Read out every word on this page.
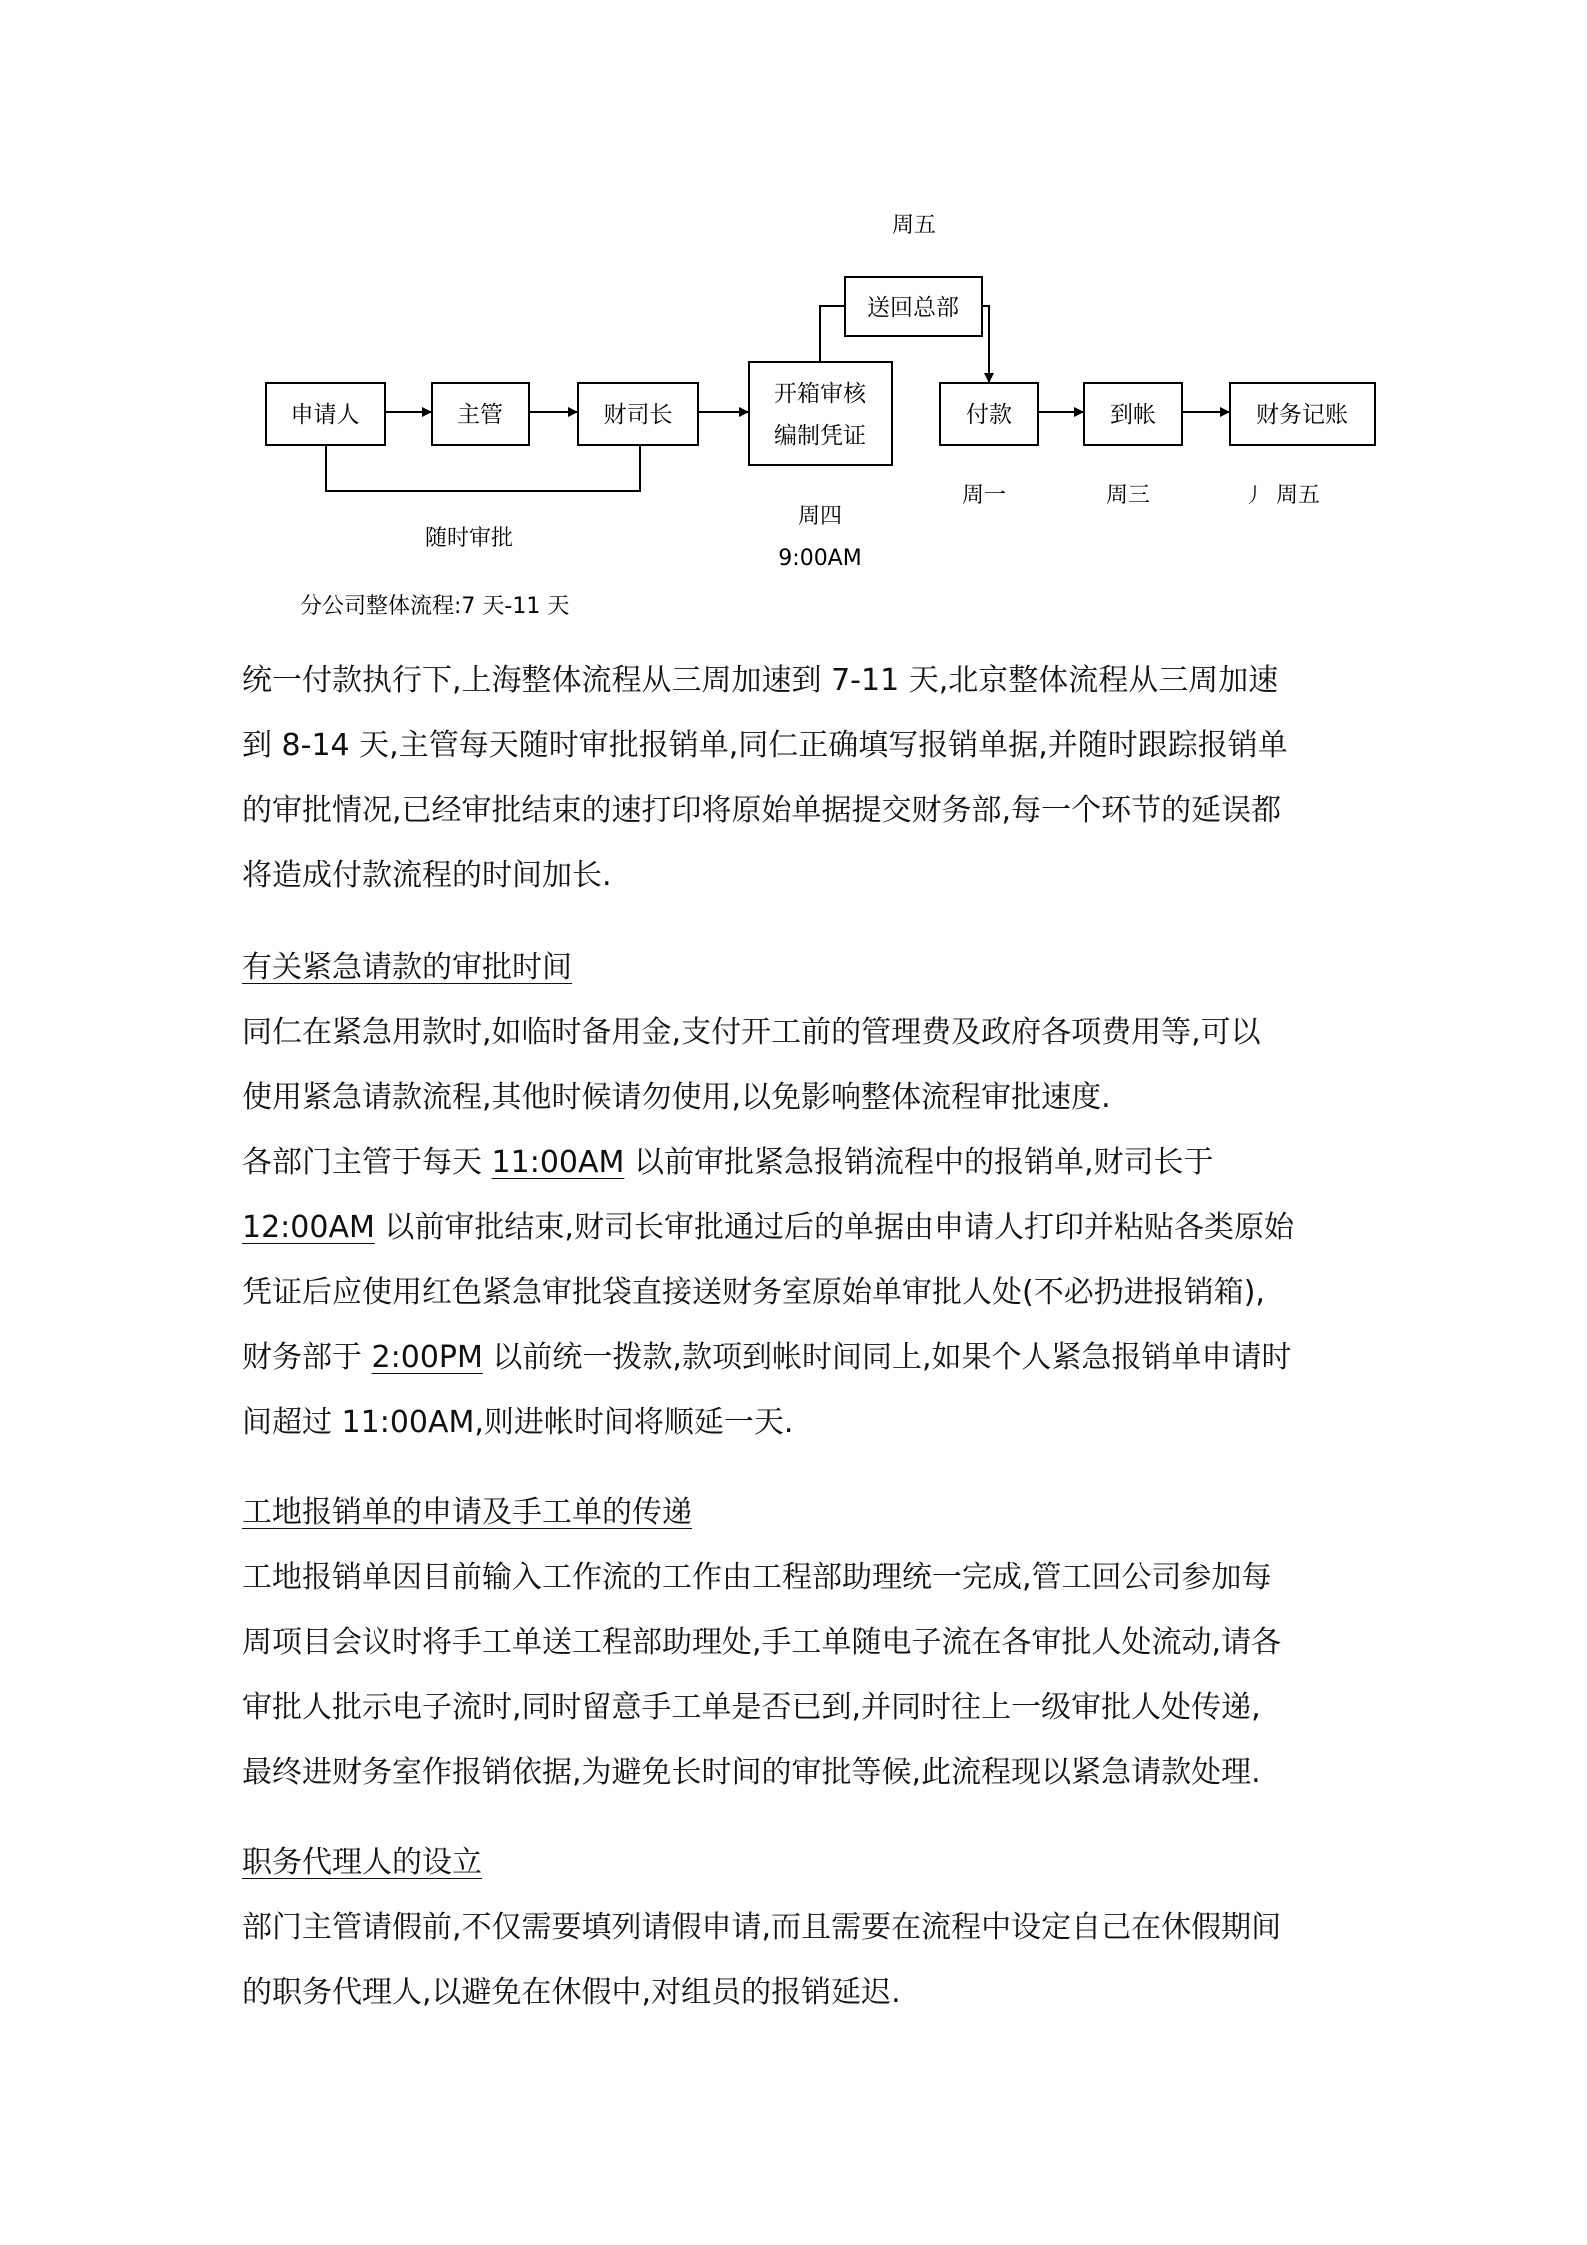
申请人	主管	财司长
开箱审核
编制凭证
送回总部
付款	到帐	财务记账
周五
随时审批
周四
9:00AM
周一	周三	丿 周五
分公司整体流程:7 天-11 天

统一付款执行下,上海整体流程从三周加速到 7-11 天,北京整体流程从三周加速

到 8-14 天,主管每天随时审批报销单,同仁正确填写报销单据,并随时跟踪报销单

的审批情况,已经审批结束的速打印将原始单据提交财务部,每一个环节的延误都

将造成付款流程的时间加长.

有关紧急请款的审批时间

同仁在紧急用款时,如临时备用金,支付开工前的管理费及政府各项费用等,可以

使用紧急请款流程,其他时候请勿使用,以免影响整体流程审批速度.

各部门主管于每天 11:00AM 以前审批紧急报销流程中的报销单,财司长于

12:00AM 以前审批结束,财司长审批通过后的单据由申请人打印并粘贴各类原始

凭证后应使用红色紧急审批袋直接送财务室原始单审批人处(不必扔进报销箱),

财务部于 2:00PM 以前统一拨款,款项到帐时间同上,如果个人紧急报销单申请时

间超过 11:00AM,则进帐时间将顺延一天.

工地报销单的申请及手工单的传递

工地报销单因目前输入工作流的工作由工程部助理统一完成,管工回公司参加每

周项目会议时将手工单送工程部助理处,手工单随电子流在各审批人处流动,请各

审批人批示电子流时,同时留意手工单是否已到,并同时往上一级审批人处传递,

最终进财务室作报销依据,为避免长时间的审批等候,此流程现以紧急请款处理.

职务代理人的设立

部门主管请假前,不仅需要填列请假申请,而且需要在流程中设定自己在休假期间

的职务代理人,以避免在休假中,对组员的报销延迟.
